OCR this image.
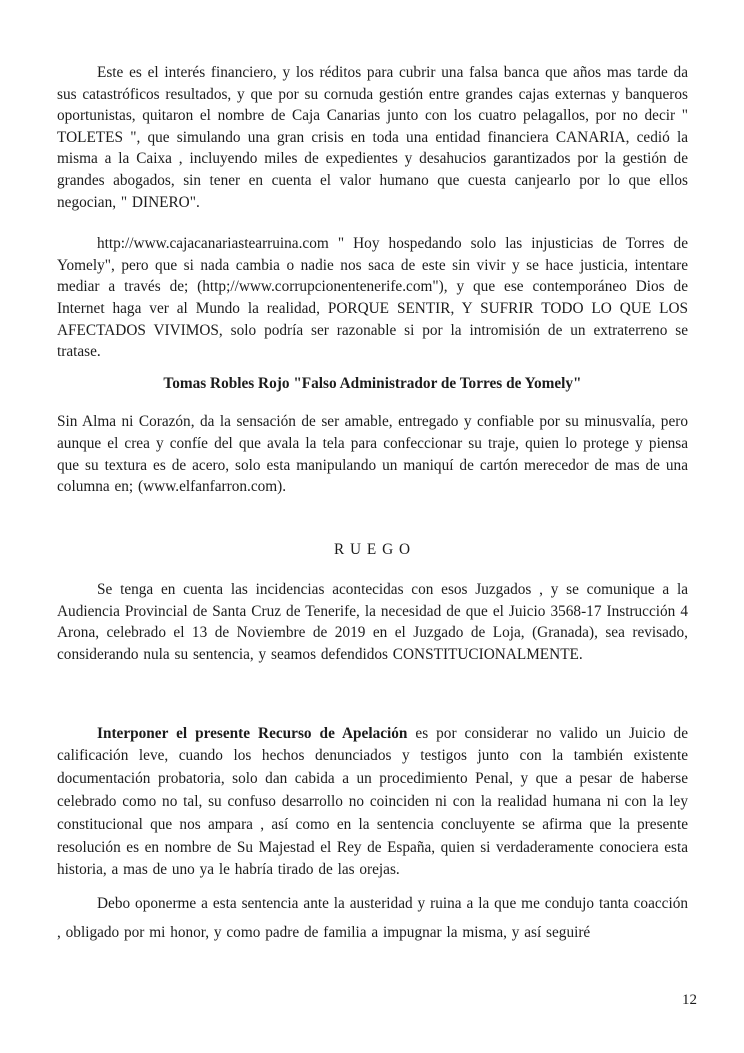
Este es el interés financiero, y los réditos para cubrir una falsa banca que años mas tarde da sus catastróficos resultados, y que por su cornuda gestión entre grandes cajas externas y banqueros oportunistas, quitaron el nombre de Caja Canarias junto con los cuatro pelagallos, por no decir " TOLETES ", que simulando una gran crisis en toda una entidad financiera CANARIA, cedió la misma a la Caixa , incluyendo miles de expedientes y desahucios garantizados por la gestión de grandes abogados, sin tener en cuenta el valor humano que cuesta canjearlo por lo que ellos negocian, " DINERO".

http://www.cajacanariastearruina.com " Hoy hospedando solo las injusticias de Torres de Yomely", pero que si nada cambia o nadie nos saca de este sin vivir y se hace justicia, intentare mediar a través de; (http;//www.corrupcionentenerife.com"), y que ese contemporáneo Dios de Internet haga ver al Mundo la realidad, PORQUE SENTIR, Y SUFRIR TODO LO QUE LOS AFECTADOS VIVIMOS, solo podría ser razonable si por la intromisión de un extraterreno se tratase.

Tomas Robles Rojo "Falso Administrador de Torres de Yomely"

Sin Alma ni Corazón, da la sensación de ser amable, entregado y confiable por su minusvalía, pero aunque el crea y confíe del que avala la tela para confeccionar su traje, quien lo protege y piensa que su textura es de acero, solo esta manipulando un maniquí de cartón merecedor de mas de una columna en; (www.elfanfarron.com).

R U E G O

Se tenga en cuenta las incidencias acontecidas con esos Juzgados , y se comunique a la Audiencia Provincial de Santa Cruz de Tenerife, la necesidad de que el Juicio 3568-17 Instrucción 4 Arona, celebrado el 13 de Noviembre de 2019 en el Juzgado de Loja, (Granada), sea revisado, considerando nula su sentencia, y seamos defendidos CONSTITUCIONALMENTE.

Interponer el presente Recurso de Apelación es por considerar no valido un Juicio de calificación leve, cuando los hechos denunciados y testigos junto con la también existente documentación probatoria, solo dan cabida a un procedimiento Penal, y que a pesar de haberse celebrado como no tal, su confuso desarrollo no coinciden ni con la realidad humana ni con la ley constitucional que nos ampara , así como en la sentencia concluyente se afirma que la presente resolución es en nombre de Su Majestad el Rey de España, quien si verdaderamente conociera esta historia, a mas de uno ya le habría tirado de las orejas.

Debo oponerme a esta sentencia ante la austeridad y ruina a la que me condujo tanta coacción , obligado por mi honor, y como padre de familia a impugnar la misma, y así seguiré

12
